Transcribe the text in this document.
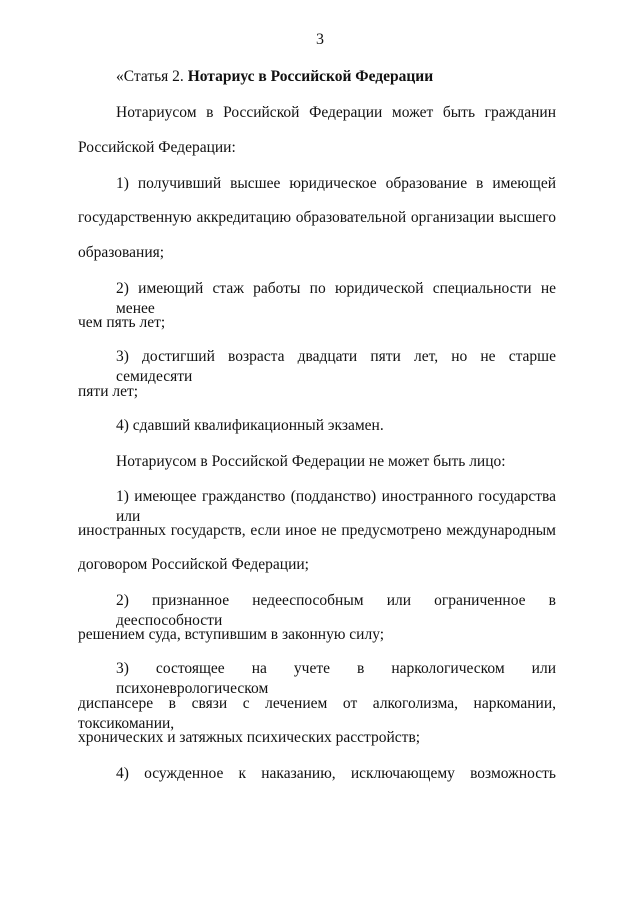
3
«Статья 2. Нотариус в Российской Федерации
Нотариусом в Российской Федерации может быть гражданин
Российской Федерации:
1) получивший высшее юридическое образование в имеющей
государственную аккредитацию образовательной организации высшего
образования;
2) имеющий стаж работы по юридической специальности не менее
чем пять лет;
3) достигший возраста двадцати пяти лет, но не старше семидесяти
пяти лет;
4) сдавший квалификационный экзамен.
Нотариусом в Российской Федерации не может быть лицо:
1) имеющее гражданство (подданство) иностранного государства или
иностранных государств, если иное не предусмотрено международным
договором Российской Федерации;
2) признанное недееспособным или ограниченное в дееспособности
решением суда, вступившим в законную силу;
3) состоящее на учете в наркологическом или психоневрологическом
диспансере в связи с лечением от алкоголизма, наркомании, токсикомании,
хронических и затяжных психических расстройств;
4) осужденное к наказанию, исключающему возможность
